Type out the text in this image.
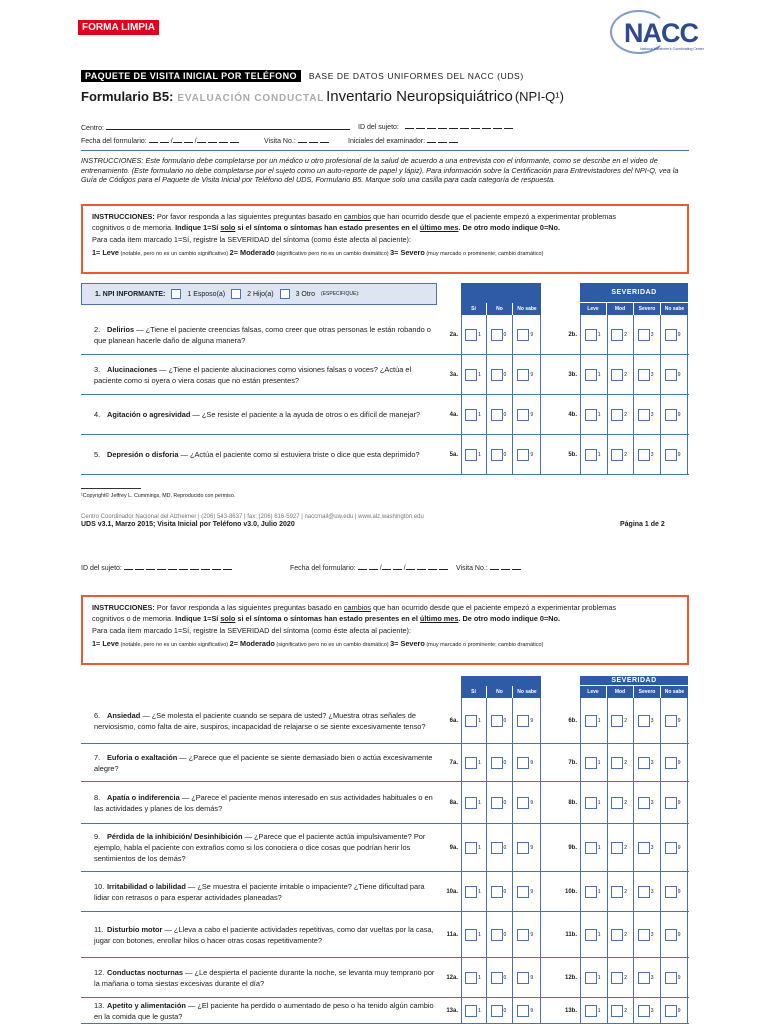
FORMA LIMPIA	NACC
National Alzheimer's Coordinating Center
PAQUETE DE VISITA INICIAL POR TELÉFONO	BASE DE DATOS UNIFORMES DEL NACC (UDS)
Formulario B5: EVALUACIÓN CONDUCTAL Inventario Neuropsiquiátrico (NPI-Q¹)
Centro:	ID del sujeto:
Fecha del formulario:	/	/	Visita No.:	Iniciales del examinador:
INSTRUCCIONES: Este formulario debe completarse por un médico u otro profesional de la salud de acuerdo a una entrevista con el informante, como se describe en el video de entrenamiento. (Este formulario no debe completarse por el sujeto como un auto-reporte de papel y lápiz). Para información sobre la Certificación para Entrevistadores del NPI-Q, vea la Guía de Códigos para el Paquete de Visita Inicial por Teléfono del UDS, Formulario B5. Marque solo una casilla para cada categoría de respuesta.
INSTRUCCIONES: Por favor responda a las siguientes preguntas basado en cambios que han ocurrido desde que el paciente empezó a experimentar problemas
cognitivos o de memoria. Indique 1=Sí solo si el síntoma o síntomas han estado presentes en el último mes. De otro modo indique 0=No.
Para cada ítem marcado 1=Sí, registre la SEVERIDAD del síntoma (como éste afecta al paciente):
1= Leve (notable, pero no es un cambio significativo) 2= Moderado (significativo pero no es un cambio dramático) 3= Severo (muy marcado o prominente; cambio dramático)
1. NPI INFORMANTE:	1 Esposo(a)	2 Hijo(a)	3 Otro (ESPECIFIQUE):
Sí	No	No sabe
SEVERIDAD
Leve	Mod	Severo	No sabe
2. Delirios — ¿Tiene el paciente creencias falsas, como creer que otras personas le están robando o que planean hacerle daño de alguna manera?
2a.	1	0	9	2b.	1	2	3	9
3. Alucinaciones — ¿Tiene el paciente alucinaciones como visiones falsas o voces? ¿Actúa el paciente como si oyera o viera cosas que no están presentes?
3a.	1	0	9	3b.	1	2	3	9
4. Agitación o agresividad — ¿Se resiste el paciente a la ayuda de otros o es difícil de manejar?	4a.	1	0	9	4b.	1	2	3	9
5. Depresión o disforia — ¿Actúa el paciente como si estuviera triste o dice que esta deprimido?	5a.	1	0	9	5b.	1	2	3	9
¹Copyright© Jeffrey L. Cummings, MD. Reproducido con permiso.
Centro Coordinador Nacional del Alzheimer | (206) 543-8637 | fax: (206) 616-5927 | naccmail@uw.edu | www.alz.washington.edu
UDS v3.1, Marzo 2015; Visita Inicial por Teléfono v3.0, Julio 2020	Página 1 de 2
ID del sujeto:	Fecha del formulario:	/	/	Visita No.:
INSTRUCCIONES: Por favor responda a las siguientes preguntas basado en cambios que han ocurrido desde que el paciente empezó a experimentar problemas
cognitivos o de memoria. Indique 1=Sí solo si el síntoma o síntomas han estado presentes en el último mes. De otro modo indique 0=No.
Para cada ítem marcado 1=Sí, registre la SEVERIDAD del síntoma (como éste afecta al paciente):
1= Leve (notable, pero no es un cambio significativo) 2= Moderado (significativo pero no es un cambio dramático) 3= Severo (muy marcado o prominente; cambio dramático)
Sí	No	No sabe
SEVERIDAD
Leve	Mod	Severo	No sabe
6. Ansiedad — ¿Se molesta el paciente cuando se separa de usted? ¿Muestra otras señales de nerviosismo, como falta de aire, suspiros, incapacidad de relajarse o se siente excesivamente tenso?
6a.	1	0	9	6b.	1	2	3	9
7. Euforia o exaltación — ¿Parece que el paciente se siente demasiado bien o actúa excesivamente alegre?
7a.	1	0	9	7b.	1	2	3	9
8. Apatía o indiferencia — ¿Parece el paciente menos interesado en sus actividades habituales o en las actividades y planes de los demás?
8a.	1	0	9	8b.	1	2	3	9
9. Pérdida de la inhibición/ Desinhibición — ¿Parece que el paciente actúa impulsivamente? Por ejemplo, habla el paciente con extraños como si los conociera o dice cosas que podrían herir los sentimientos de los demás?
9a.	1	0	9	9b.	1	2	3	9
10. Irritabilidad o labilidad — ¿Se muestra el paciente irritable o impaciente? ¿Tiene dificultad para lidiar con retrasos o para esperar actividades planeadas?
10a.	1	0	9	10b.	1	2	3	9
11. Disturbio motor — ¿Lleva a cabo el paciente actividades repetitivas, como dar vueltas por la casa, jugar con botones, enrollar hilos o hacer otras cosas repetitivamente?
11a.	1	0	9	11b.	1	2	3	9
12. Conductas nocturnas — ¿Le despierta el paciente durante la noche, se levanta muy temprano por la mañana o toma siestas excesivas durante el día?
12a.	1	0	9	12b.	1	2	3	9
13. Apetito y alimentación — ¿El paciente ha perdido o aumentado de peso o ha tenido algún cambio en la comida que le gusta?
13a.	1	0	9	13b.	1	2	3	9
